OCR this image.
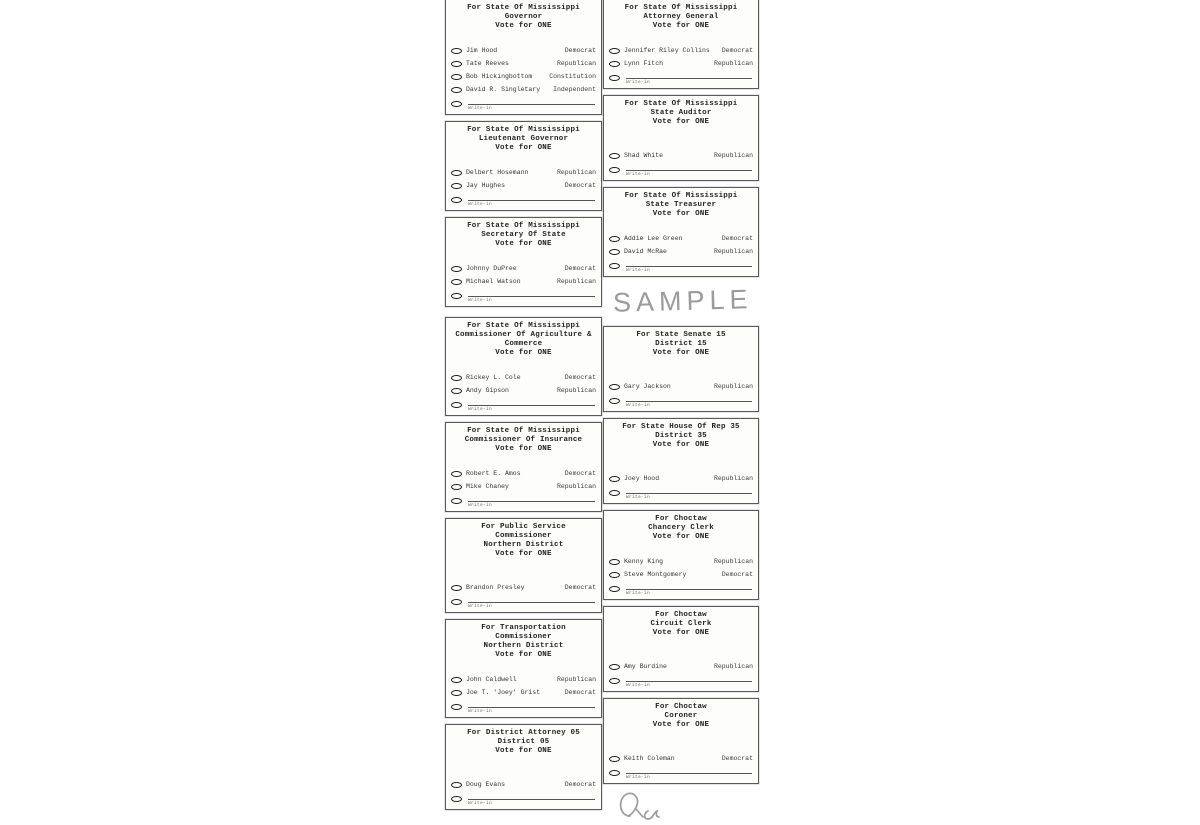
For State Of Mississippi
Governor
Vote for ONE
Jim Hood	Democrat
Tate Reeves	Republican
Bob Hickingbottom	Constitution
David R. Singletary	Independent
Write-in
For State Of Mississippi
Lieutenant Governor
Vote for ONE
Delbert Hosemann	Republican
Jay Hughes	Democrat
Write-in
For State Of Mississippi
Secretary Of State
Vote for ONE
Johnny DuPree	Democrat
Michael Watson	Republican
Write-in
For State Of Mississippi
Commissioner Of Agriculture &
Commerce
Vote for ONE
Rickey L. Cole	Democrat
Andy Gipson	Republican
Write-in
For State Of Mississippi
Commissioner Of Insurance
Vote for ONE
Robert E. Amos	Democrat
Mike Chaney	Republican
Write-in
For Public Service Commissioner
Northern District
Vote for ONE
Brandon Presley	Democrat
Write-in
For Transportation Commissioner
Northern District
Vote for ONE
John Caldwell	Republican
Joe T. 'Joey' Grist	Democrat
Write-in
For District Attorney 05
District 05
Vote for ONE
Doug Evans	Democrat
Write-in
For State Of Mississippi
Attorney General
Vote for ONE
Jennifer Riley Collins	Democrat
Lynn Fitch	Republican
Write-in
For State Of Mississippi
State Auditor
Vote for ONE
Shad White	Republican
Write-in
For State Of Mississippi
State Treasurer
Vote for ONE
Addie Lee Green	Democrat
David McRae	Republican
Write-in
SAMPLE
For State Senate 15
District 15
Vote for ONE
Gary Jackson	Republican
Write-in
For State House Of Rep 35
District 35
Vote for ONE
Joey Hood	Republican
Write-in
For Choctaw
Chancery Clerk
Vote for ONE
Kenny King	Republican
Steve Montgomery	Democrat
Write-in
For Choctaw
Circuit Clerk
Vote for ONE
Amy Burdine	Republican
Write-in
For Choctaw
Coroner
Vote for ONE
Keith Coleman	Democrat
Write-in
